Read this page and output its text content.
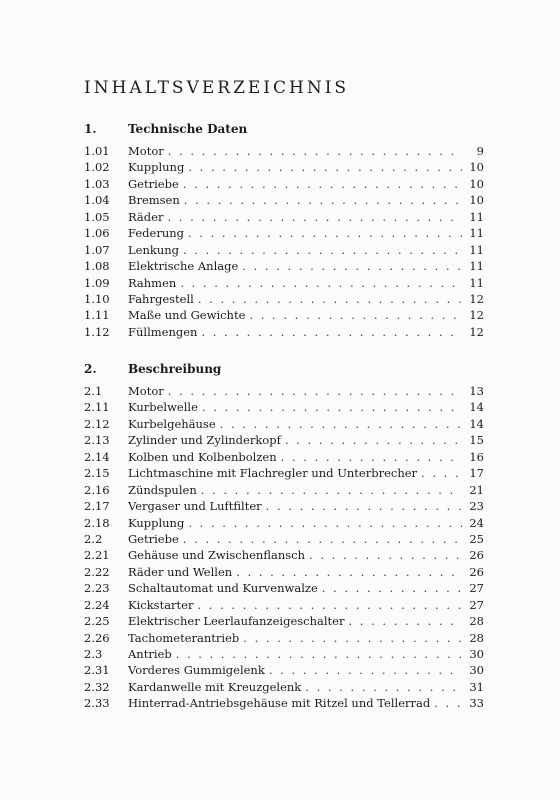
INHALTSVERZEICHNIS
1.	Technische Daten
1.01	Motor . . .	9
1.02	Kupplung . . .	10
1.03	Getriebe . . .	10
1.04	Bremsen . . .	10
1.05	Räder . . .	11
1.06	Federung . . .	11
1.07	Lenkung . . .	11
1.08	Elektrische Anlage . . .	11
1.09	Rahmen . . .	11
1.10	Fahrgestell . . .	12
1.11	Maße und Gewichte . . .	12
1.12	Füllmengen . . .	12
2.	Beschreibung
2.1	Motor . . .	13
2.11	Kurbelwelle . . .	14
2.12	Kurbelgehäuse . . .	14
2.13	Zylinder und Zylinderkopf . . .	15
2.14	Kolben und Kolbenbolzen . . .	16
2.15	Lichtmaschine mit Flachregler und Unterbrecher . . .	17
2.16	Zündspulen . . .	21
2.17	Vergaser und Luftfilter . . .	23
2.18	Kupplung . . .	24
2.2	Getriebe . . .	25
2.21	Gehäuse und Zwischenflansch . . .	26
2.22	Räder und Wellen . . .	26
2.23	Schaltautomat und Kurvenwalze . . .	27
2.24	Kickstarter . . .	27
2.25	Elektrischer Leerlaufanzeigeschalter . . .	28
2.26	Tachometerantrieb . . .	28
2.3	Antrieb . . .	30
2.31	Vorderes Gummigelenk . . .	30
2.32	Kardanwelle mit Kreuzgelenk . . .	31
2.33	Hinterrad-Antriebsgehäuse mit Ritzel und Tellerrad . . .	33
